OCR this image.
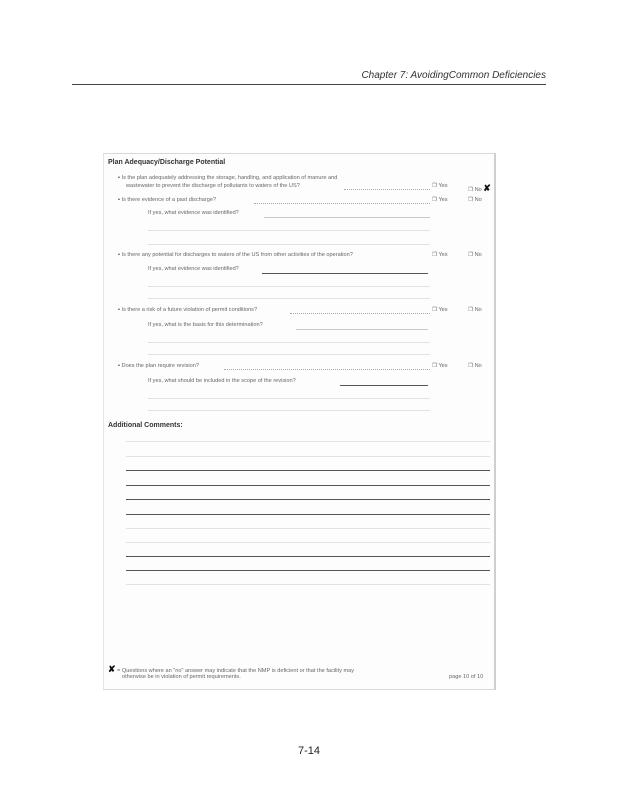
Chapter 7: AvoidingCommon Deficiencies
Plan Adequacy/Discharge Potential
• Is the plan adequately addressing the storage, handling, and application of manure and
wastewater to prevent the discharge of pollutants to waters of the US?	❐ Yes
❐ No ✘
• Is there evidence of a past discharge?	❐ Yes	❐ No
If yes, what evidence was identified?
• Is there any potential for discharges to waters of the US from other activities of the operation?	❐ Yes	❐ No
If yes, what evidence was identified?
• Is there a risk of a future violation of permit conditions?	❐ Yes	❐ No
If yes, what is the basis for this determination?
• Does the plan require revision?	❐ Yes	❐ No
If yes, what should be included in the scope of the revision?
Additional Comments:
✘ = Questions where an "no" answer may indicate that the NMP is deficient or that the facility may
otherwise be in violation of permit requirements.	page 10 of 10
7-14
